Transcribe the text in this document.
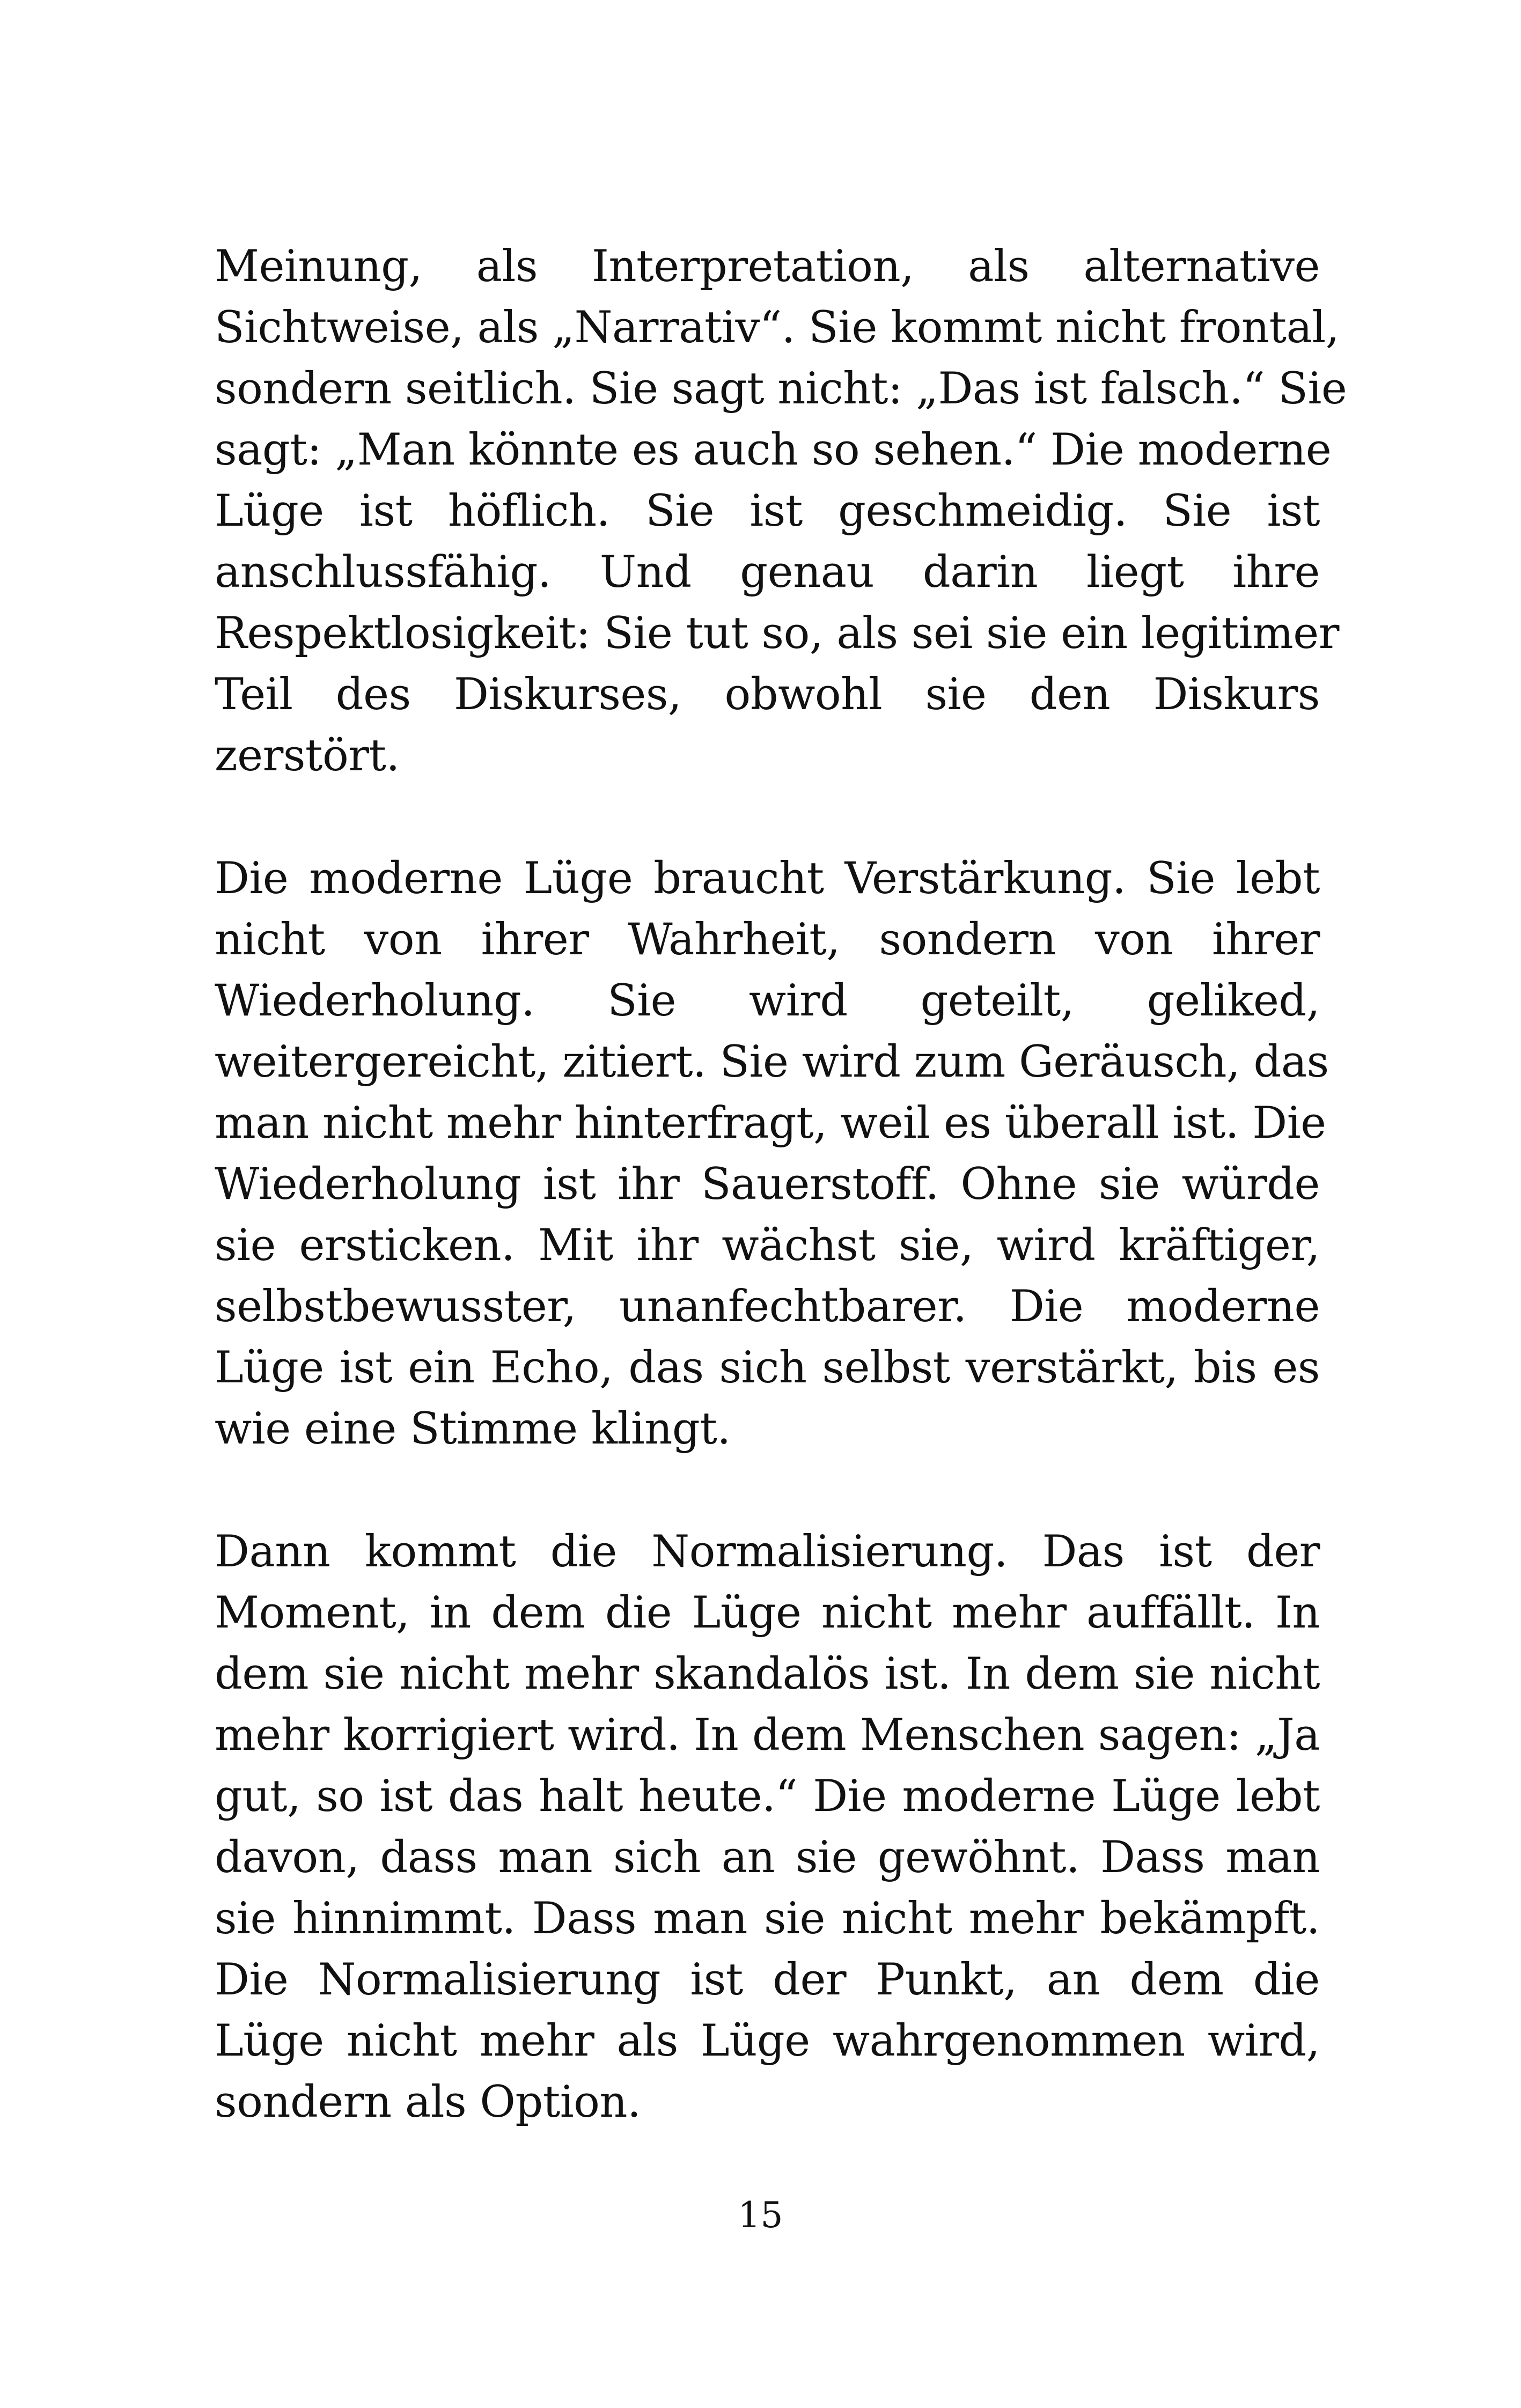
Meinung, als Interpretation, als alternative
Sichtweise, als „Narrativ“. Sie kommt nicht frontal,
sondern seitlich. Sie sagt nicht: „Das ist falsch.“ Sie
sagt: „Man könnte es auch so sehen.“ Die moderne
Lüge ist höflich. Sie ist geschmeidig. Sie ist
anschlussfähig. Und genau darin liegt ihre
Respektlosigkeit: Sie tut so, als sei sie ein legitimer
Teil des Diskurses, obwohl sie den Diskurs
zerstört.
Die moderne Lüge braucht Verstärkung. Sie lebt
nicht von ihrer Wahrheit, sondern von ihrer
Wiederholung. Sie wird geteilt, geliked,
weitergereicht, zitiert. Sie wird zum Geräusch, das
man nicht mehr hinterfragt, weil es überall ist. Die
Wiederholung ist ihr Sauerstoff. Ohne sie würde
sie ersticken. Mit ihr wächst sie, wird kräftiger,
selbstbewusster, unanfechtbarer. Die moderne
Lüge ist ein Echo, das sich selbst verstärkt, bis es
wie eine Stimme klingt.
Dann kommt die Normalisierung. Das ist der
Moment, in dem die Lüge nicht mehr auffällt. In
dem sie nicht mehr skandalös ist. In dem sie nicht
mehr korrigiert wird. In dem Menschen sagen: „Ja
gut, so ist das halt heute.“ Die moderne Lüge lebt
davon, dass man sich an sie gewöhnt. Dass man
sie hinnimmt. Dass man sie nicht mehr bekämpft.
Die Normalisierung ist der Punkt, an dem die
Lüge nicht mehr als Lüge wahrgenommen wird,
sondern als Option.
15
